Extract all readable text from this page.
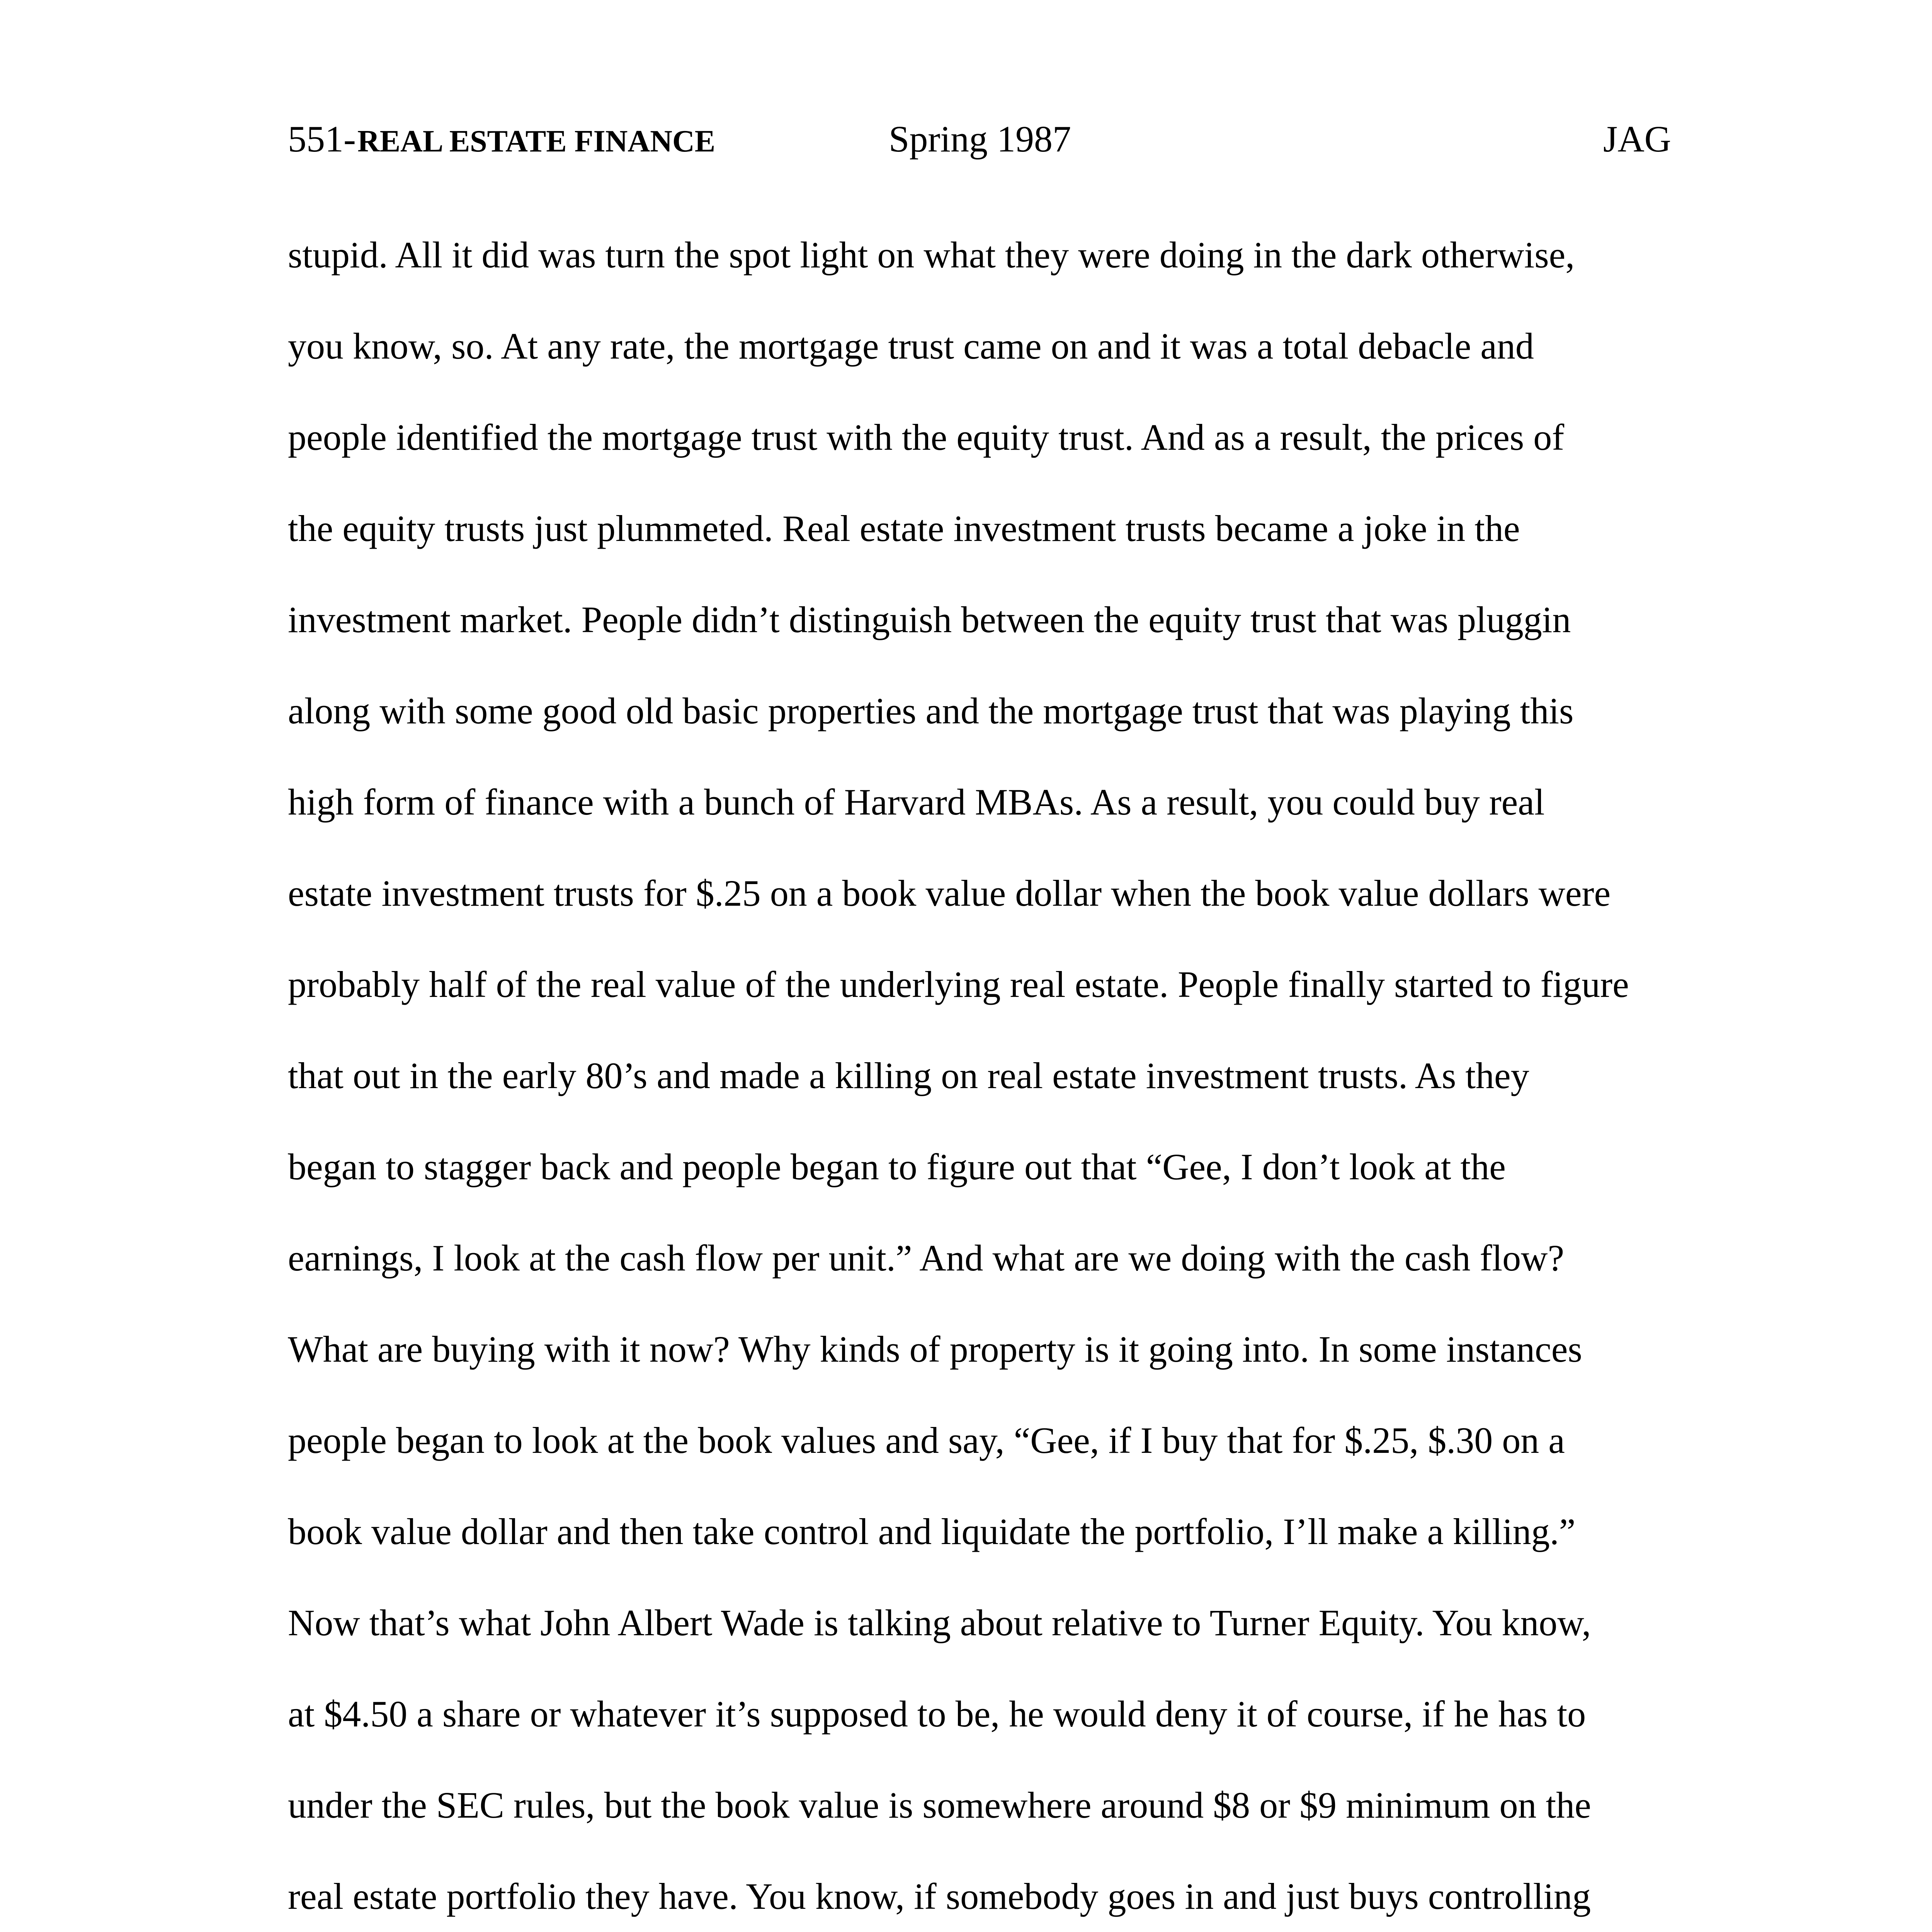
551- REAL ESTATE FINANCE	Spring 1987	JAG
stupid. All it did was turn the spot light on what they were doing in the dark otherwise,
you know, so. At any rate, the mortgage trust came on and it was a total debacle and
people identified the mortgage trust with the equity trust. And as a result, the prices of
the equity trusts just plummeted. Real estate investment trusts became a joke in the
investment market. People didn’t distinguish between the equity trust that was pluggin
along with some good old basic properties and the mortgage trust that was playing this
high form of finance with a bunch of Harvard MBAs. As a result, you could buy real
estate investment trusts for $.25 on a book value dollar when the book value dollars were
probably half of the real value of the underlying real estate. People finally started to figure
that out in the early 80’s and made a killing on real estate investment trusts. As they
began to stagger back and people began to figure out that “Gee, I don’t look at the
earnings, I look at the cash flow per unit.” And what are we doing with the cash flow?
What are buying with it now? Why kinds of property is it going into. In some instances
people began to look at the book values and say, “Gee, if I buy that for $.25, $.30 on a
book value dollar and then take control and liquidate the portfolio, I’ll make a killing.”
Now that’s what John Albert Wade is talking about relative to Turner Equity. You know,
at $4.50 a share or whatever it’s supposed to be, he would deny it of course, if he has to
under the SEC rules, but the book value is somewhere around $8 or $9 minimum on the
real estate portfolio they have. You know, if somebody goes in and just buys controlling
